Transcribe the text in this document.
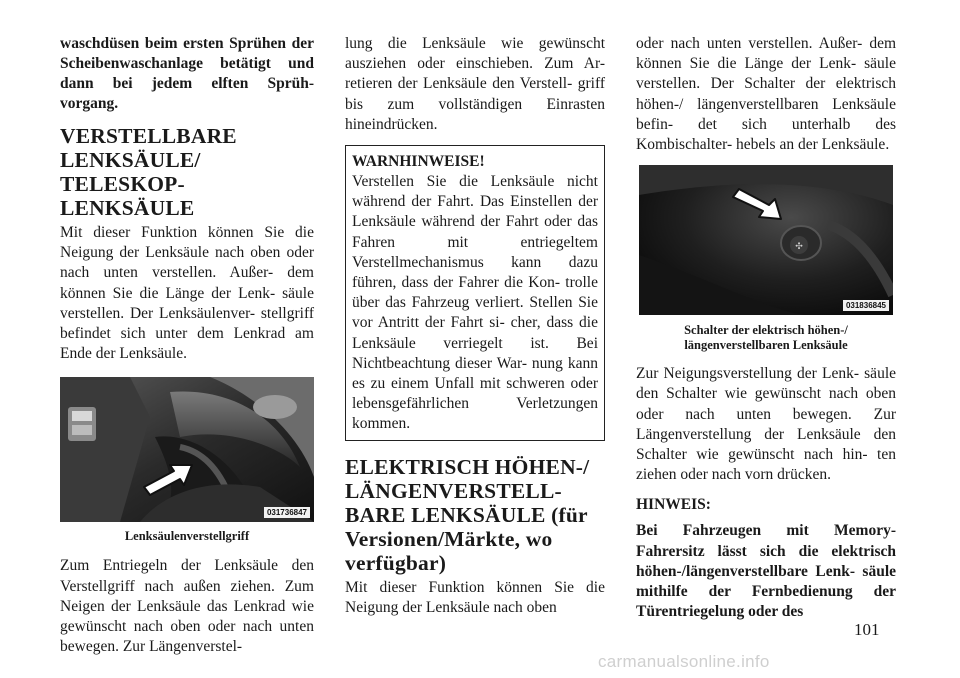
waschdüsen beim ersten Sprühen der Scheibenwaschanlage betätigt und dann bei jedem elften Sprüh- vorgang.

VERSTELLBARE
LENKSÄULE/
TELESKOP-LENKSÄULE

Mit dieser Funktion können Sie die Neigung der Lenksäule nach oben oder nach unten verstellen. Außer- dem können Sie die Länge der Lenk- säule verstellen. Der Lenksäulenver- stellgriff befindet sich unter dem Lenkrad am Ende der Lenksäule.

031736847
Lenksäulenverstellgriff

Zum Entriegeln der Lenksäule den Verstellgriff nach außen ziehen. Zum Neigen der Lenksäule das Lenkrad wie gewünscht nach oben oder nach unten bewegen. Zur Längenverstel-

lung die Lenksäule wie gewünscht ausziehen oder einschieben. Zum Ar- retieren der Lenksäule den Verstell- griff bis zum vollständigen Einrasten hineindrücken.

WARNHINWEISE!

Verstellen Sie die Lenksäule nicht während der Fahrt. Das Einstellen der Lenksäule während der Fahrt oder das Fahren mit entriegeltem Verstellmechanismus kann dazu führen, dass der Fahrer die Kon- trolle über das Fahrzeug verliert. Stellen Sie vor Antritt der Fahrt si- cher, dass die Lenksäule verriegelt ist. Bei Nichtbeachtung dieser War- nung kann es zu einem Unfall mit schweren oder lebensgefährlichen Verletzungen kommen.

ELEKTRISCH HÖHEN-/
LÄNGENVERSTELL-
BARE LENKSÄULE (für
Versionen/Märkte, wo
verfügbar)

Mit dieser Funktion können Sie die Neigung der Lenksäule nach oben

oder nach unten verstellen. Außer- dem können Sie die Länge der Lenk- säule verstellen. Der Schalter der elektrisch höhen-/ längenverstellbaren Lenksäule befin- det sich unterhalb des Kombischalter- hebels an der Lenksäule.

✣
031836845
Schalter der elektrisch höhen-/
längenverstellbaren Lenksäule

Zur Neigungsverstellung der Lenk- säule den Schalter wie gewünscht nach oben oder nach unten bewegen. Zur Längenverstellung der Lenksäule den Schalter wie gewünscht nach hin- ten ziehen oder nach vorn drücken.

HINWEIS:

Bei Fahrzeugen mit Memory- Fahrersitz lässt sich die elektrisch höhen-/längenverstellbare Lenk- säule mithilfe der Fernbedienung der Türentriegelung oder des

101
carmanualsonline.info
